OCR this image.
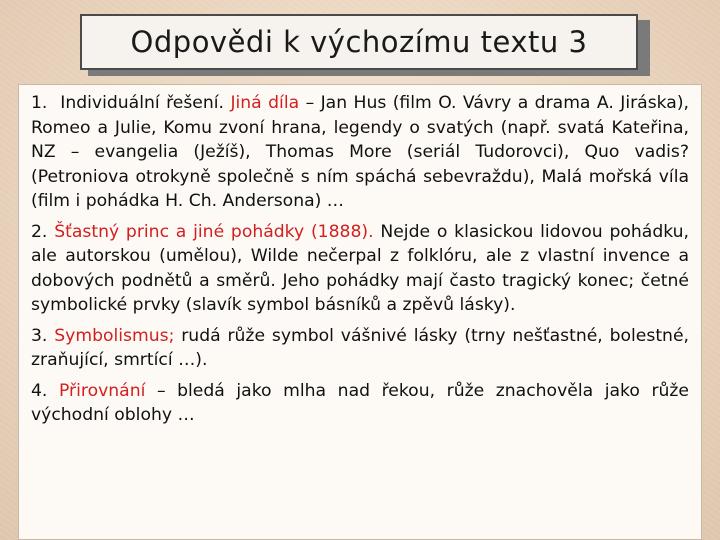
Odpovědi k výchozímu textu 3

1.  Individuální řešení. Jiná díla – Jan Hus (film O. Vávry a drama A. Jiráska), Romeo a Julie, Komu zvoní hrana, legendy o svatých (např. svatá Kateřina, NZ – evangelia (Ježíš), Thomas More (seriál Tudorovci), Quo vadis? (Petroniova otrokyně společně s ním spáchá sebevraždu), Malá mořská víla (film i pohádka H. Ch. Andersona) …

2. Šťastný princ a jiné pohádky (1888). Nejde o klasickou lidovou pohádku, ale autorskou (umělou), Wilde nečerpal z folklóru, ale z vlastní invence a dobových podnětů a směrů. Jeho pohádky mají často tragický konec; četné symbolické prvky (slavík symbol básníků a zpěvů lásky).

3. Symbolismus; rudá růže symbol vášnivé lásky (trny nešťastné, bolestné, zraňující, smrtící …).

4. Přirovnání – bledá jako mlha nad řekou, růže znachověla jako růže východní oblohy …
